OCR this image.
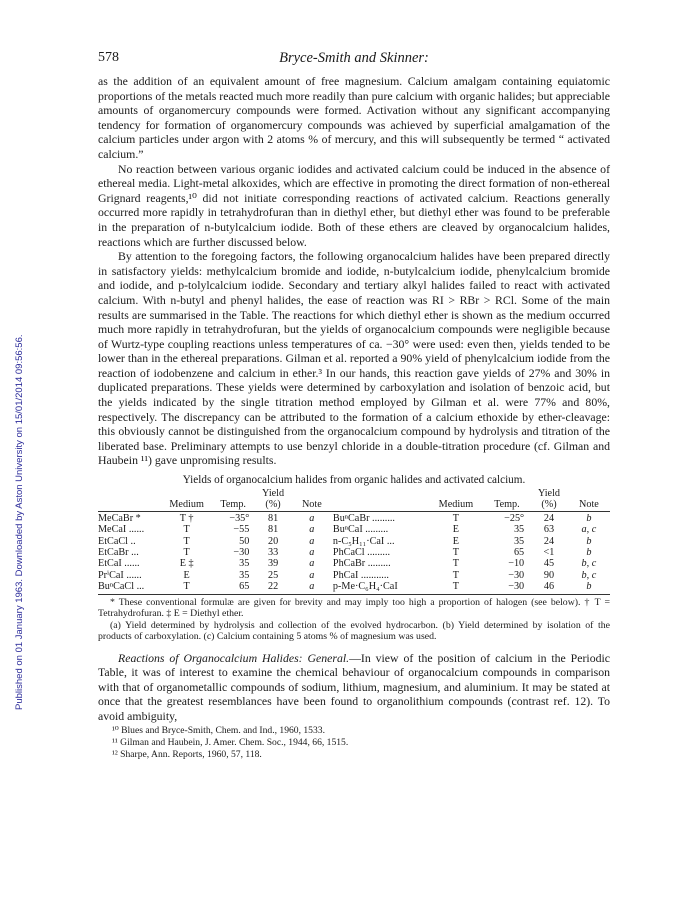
Published on 01 January 1963. Downloaded by Aston University on 15/01/2014 09:56:56.
578	Bryce-Smith and Skinner:

as the addition of an equivalent amount of free magnesium. Calcium amalgam containing equiatomic proportions of the metals reacted much more readily than pure calcium with organic halides; but appreciable amounts of organomercury compounds were formed. Activation without any significant accompanying tendency for formation of organomercury compounds was achieved by superficial amalgamation of the calcium particles under argon with 2 atoms % of mercury, and this will subsequently be termed “ activated calcium.”

No reaction between various organic iodides and activated calcium could be induced in the absence of ethereal media. Light-metal alkoxides, which are effective in promoting the direct formation of non-ethereal Grignard reagents,¹⁰ did not initiate corresponding reactions of activated calcium. Reactions generally occurred more rapidly in tetrahydrofuran than in diethyl ether, but diethyl ether was found to be preferable in the preparation of n-butylcalcium iodide. Both of these ethers are cleaved by organocalcium halides, reactions which are further discussed below.

By attention to the foregoing factors, the following organocalcium halides have been prepared directly in satisfactory yields: methylcalcium bromide and iodide, n-butylcalcium iodide, phenylcalcium bromide and iodide, and p-tolylcalcium iodide. Secondary and tertiary alkyl halides failed to react with activated calcium. With n-butyl and phenyl halides, the ease of reaction was RI > RBr > RCl. Some of the main results are summarised in the Table. The reactions for which diethyl ether is shown as the medium occurred much more rapidly in tetrahydrofuran, but the yields of organocalcium compounds were negligible because of Wurtz-type coupling reactions unless temperatures of ca. −30° were used: even then, yields tended to be lower than in the ethereal preparations. Gilman et al. reported a 90% yield of phenylcalcium iodide from the reaction of iodobenzene and calcium in ether.³ In our hands, this reaction gave yields of 27% and 30% in duplicated preparations. These yields were determined by carboxylation and isolation of benzoic acid, but the yields indicated by the single titration method employed by Gilman et al. were 77% and 80%, respectively. The discrepancy can be attributed to the formation of a calcium ethoxide by ether-cleavage: this obviously cannot be distinguished from the organocalcium compound by hydrolysis and titration of the liberated base. Preliminary attempts to use benzyl chloride in a double-titration procedure (cf. Gilman and Haubein ¹¹) gave unpromising results.

Yields of organocalcium halides from organic halides and activated calcium.
			Yield					Yield	
	Medium	Temp.	(%)	Note		Medium	Temp.	(%)	Note
MeCaBr *	T †	−35°	81	a	BuⁿCaBr .........	T	−25°	24	b
MeCaI ......	T	−55	81	a	BuⁿCaI .........	E	35	63	a, c
EtCaCl ..	T	50	20	a	n-C₅H₁₁·CaI ...	E	35	24	b
EtCaBr ...	T	−30	33	a	PhCaCl .........	T	65	<1	b
EtCaI ......	E ‡	35	39	a	PhCaBr .........	T	−10	45	b, c
PrⁱCaI ......	E	35	25	a	PhCaI ...........	T	−30	90	b, c
BuⁿCaCl ...	T	65	22	a	p-Me·C₆H₄·CaI	T	−30	46	b

* These conventional formulæ are given for brevity and may imply too high a proportion of halogen (see below). † T = Tetrahydrofuran. ‡ E = Diethyl ether.

(a) Yield determined by hydrolysis and collection of the evolved hydrocarbon. (b) Yield determined by isolation of the products of carboxylation. (c) Calcium containing 5 atoms % of magnesium was used.

Reactions of Organocalcium Halides: General.—In view of the position of calcium in the Periodic Table, it was of interest to examine the chemical behaviour of organocalcium compounds in comparison with that of organometallic compounds of sodium, lithium, magnesium, and aluminium. It may be stated at once that the greatest resemblances have been found to organolithium compounds (contrast ref. 12). To avoid ambiguity,
¹⁰ Blues and Bryce-Smith, Chem. and Ind., 1960, 1533.
¹¹ Gilman and Haubein, J. Amer. Chem. Soc., 1944, 66, 1515.
¹² Sharpe, Ann. Reports, 1960, 57, 118.
